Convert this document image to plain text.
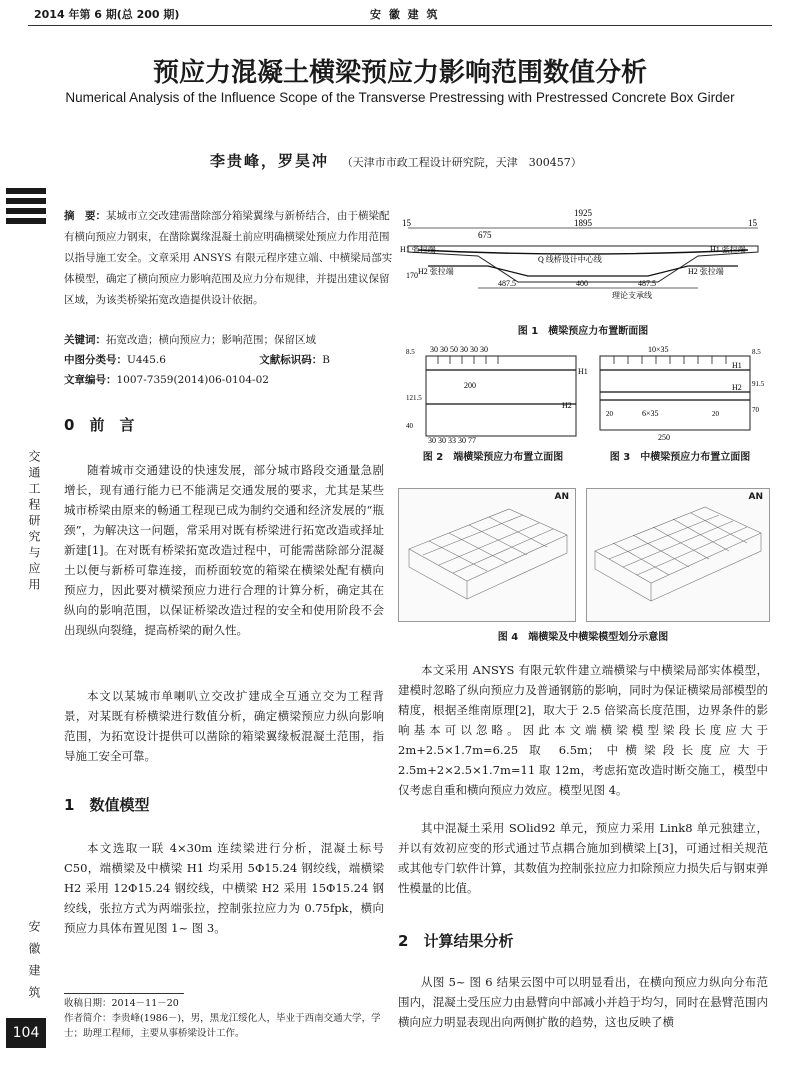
2014 年第 6 期(总 200 期)	安 徽 建 筑
预应力混凝土横梁预应力影响范围数值分析
Numerical Analysis of the Influence Scope of the Transverse Prestressing with Prestressed Concrete Box Girder
李贵峰，罗昊冲 （天津市市政工程设计研究院，天津　300457）
交通工程研究与应用
安徽建筑
摘　要：某城市立交改建需凿除部分箱梁翼缘与新桥结合，由于横梁配有横向预应力钢束，在凿除翼缘混凝土前应明确横梁处预应力作用范围以指导施工安全。文章采用 ANSYS 有限元程序建立端、中横梁局部实体模型，确定了横向预应力影响范围及应力分布规律，并提出建议保留区域，为该类桥梁拓宽改造提供设计依据。
关键词：拓宽改造；横向预应力；影响范围；保留区域
中图分类号：U445.6	文献标识码：B
文章编号：1007-7359(2014)06-0104-02
0　 前　言
随着城市交通建设的快速发展，部分城市路段交通量急剧增长，现有通行能力已不能满足交通发展的要求，尤其是某些城市桥梁由原来的畅通工程现已成为制约交通和经济发展的“瓶颈”，为解决这一问题，常采用对既有桥梁进行拓宽改造或择址新建[1]。在对既有桥梁拓宽改造过程中，可能需凿除部分混凝土以便与新桥可靠连接，而桥面较宽的箱梁在横梁处配有横向预应力，因此要对横梁预应力进行合理的计算分析，确定其在纵向的影响范围，以保证桥梁改造过程的安全和使用阶段不会出现纵向裂缝，提高桥梁的耐久性。
本文以某城市单喇叭立交改扩建成全互通立交为工程背景，对某既有桥横梁进行数值分析，确定横梁预应力纵向影响范围，为拓宽设计提供可以凿除的箱梁翼缘板混凝土范围，指导施工安全可靠。
1　 数值模型
本文选取一联 4×30m 连续梁进行分析，混凝土标号 C50，端横梁及中横梁 H1 均采用 5Φ15.24 钢绞线，端横梁 H2 采用 12Φ15.24 钢绞线，中横梁 H2 采用 15Φ15.24 钢绞线，张拉方式为两端张拉，控制张拉应力为 0.75fpk，横向预应力具体布置见图 1~ 图 3。
1925
1895
15	15
675
H1 张拉端	H1 张拉端
H2 张拉端	H2 张拉端
Q 线桥设计中心线
170
487.5	400	487.5
理论支承线
图 1　横梁预应力布置断面图
30 30 50 30 30 30
H1
H2
200
8.5
121.5
40
30 30 33 30 77
图 2　端横梁预应力布置立面图
10×35
H1
H2
6×35
20	20
250
8.5
91.5
70
图 3　中横梁预应力布置立面图
AN	AN
图 4　端横梁及中横梁模型划分示意图
本文采用 ANSYS 有限元软件建立端横梁与中横梁局部实体模型，建模时忽略了纵向预应力及普通钢筋的影响，同时为保证横梁局部模型的精度，根据圣维南原理[2]，取大于 2.5 倍梁高长度范围，边界条件的影响基本可以忽略。因此本文端横梁模型梁段长度应大于 2m+2.5×1.7m=6.25 取 6.5m；中横梁段长度应大于 2.5m+2×2.5×1.7m=11 取 12m，考虑拓宽改造时断交施工，模型中仅考虑自重和横向预应力效应。模型见图 4。
其中混凝土采用 SOlid92 单元，预应力采用 Link8 单元独建立，并以有效初应变的形式通过节点耦合施加到横梁上[3]，可通过相关规范或其他专门软件计算，其数值为控制张拉应力扣除预应力损失后与钢束弹性模量的比值。
2　 计算结果分析
从图 5~ 图 6 结果云图中可以明显看出，在横向预应力纵向分布范围内，混凝土受压应力由悬臂向中部减小并趋于均匀，同时在悬臂范围内横向应力明显表现出向两侧扩散的趋势，这也反映了横
收稿日期：2014－11－20
作者简介：李贵峰(1986－)，男，黑龙江绥化人，毕业于西南交通大学，学士；助理工程师，主要从事桥梁设计工作。
104
